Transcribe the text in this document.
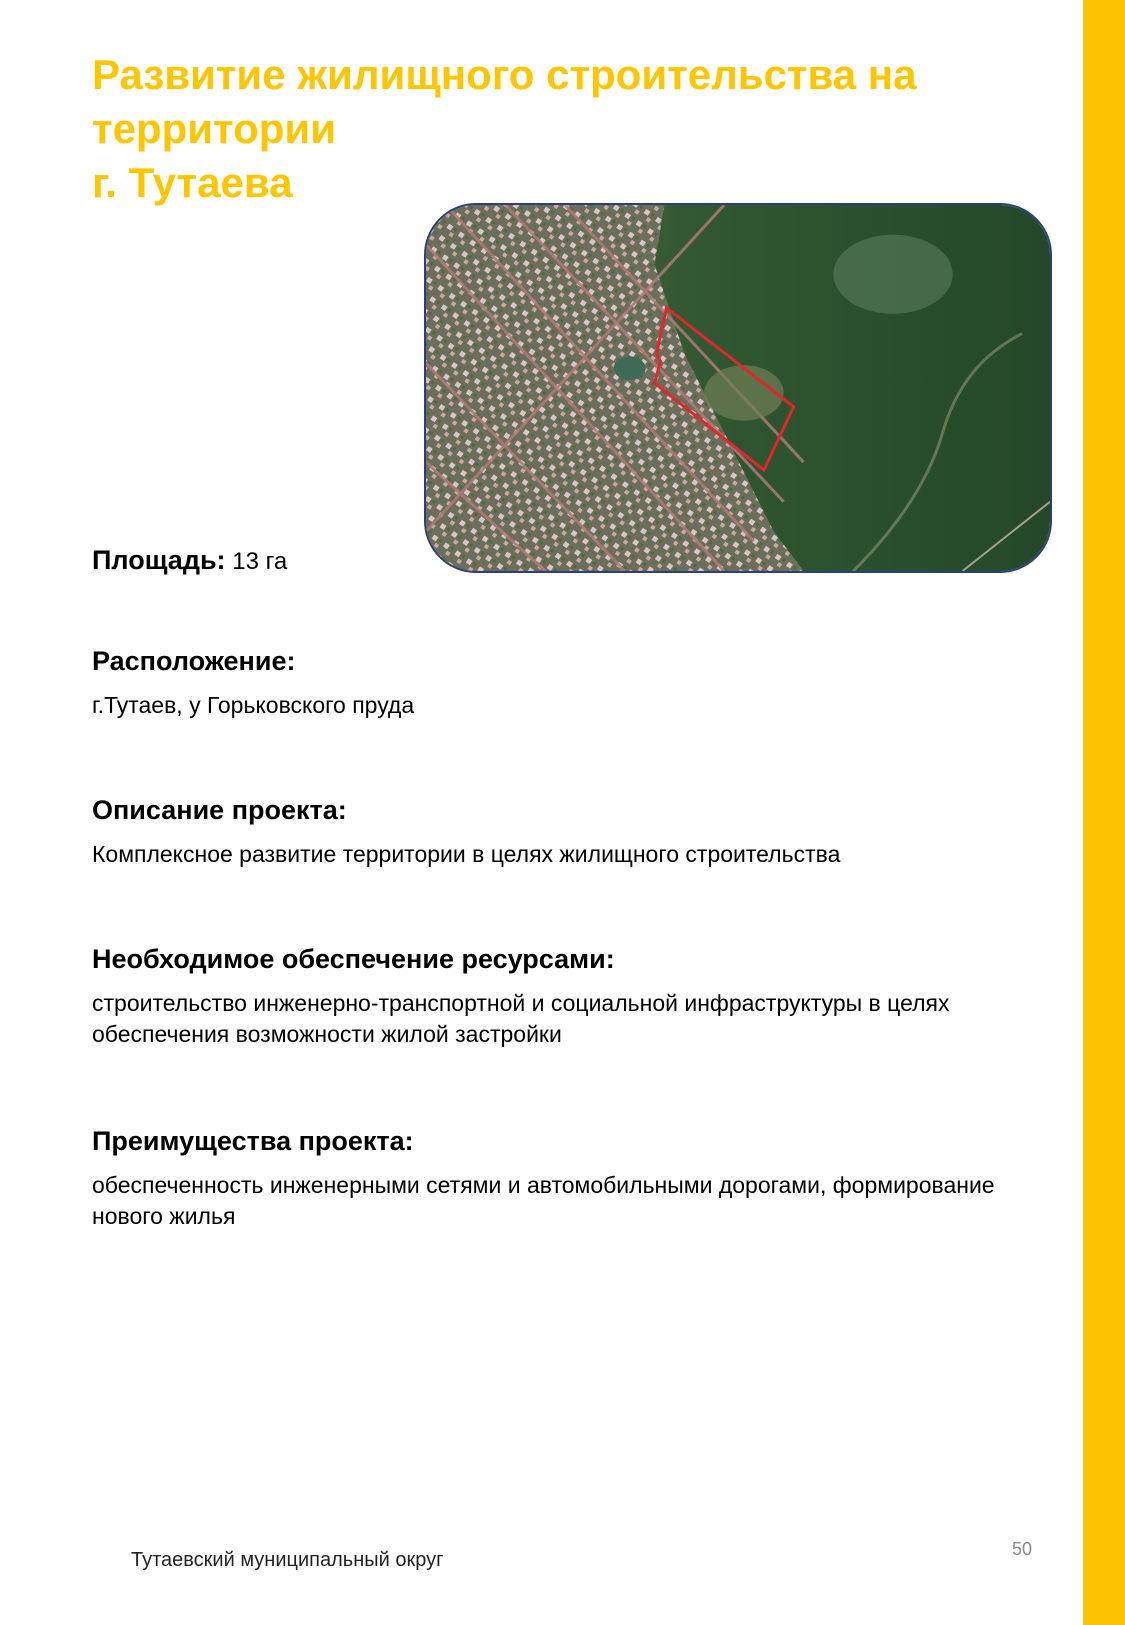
Развитие жилищного строительства на
территории
г. Тутаева
Площадь: 13 га
Расположение:

г.Тутаев, у Горьковского пруда

Описание проекта:

Комплексное развитие территории в целях жилищного строительства

Необходимое обеспечение ресурсами:

строительство инженерно-транспортной и социальной инфраструктуры в целях обеспечения возможности жилой застройки

Преимущества проекта:

обеспеченность инженерными сетями и автомобильными дорогами, формирование нового жилья

Тутаевский муниципальный округ	50
